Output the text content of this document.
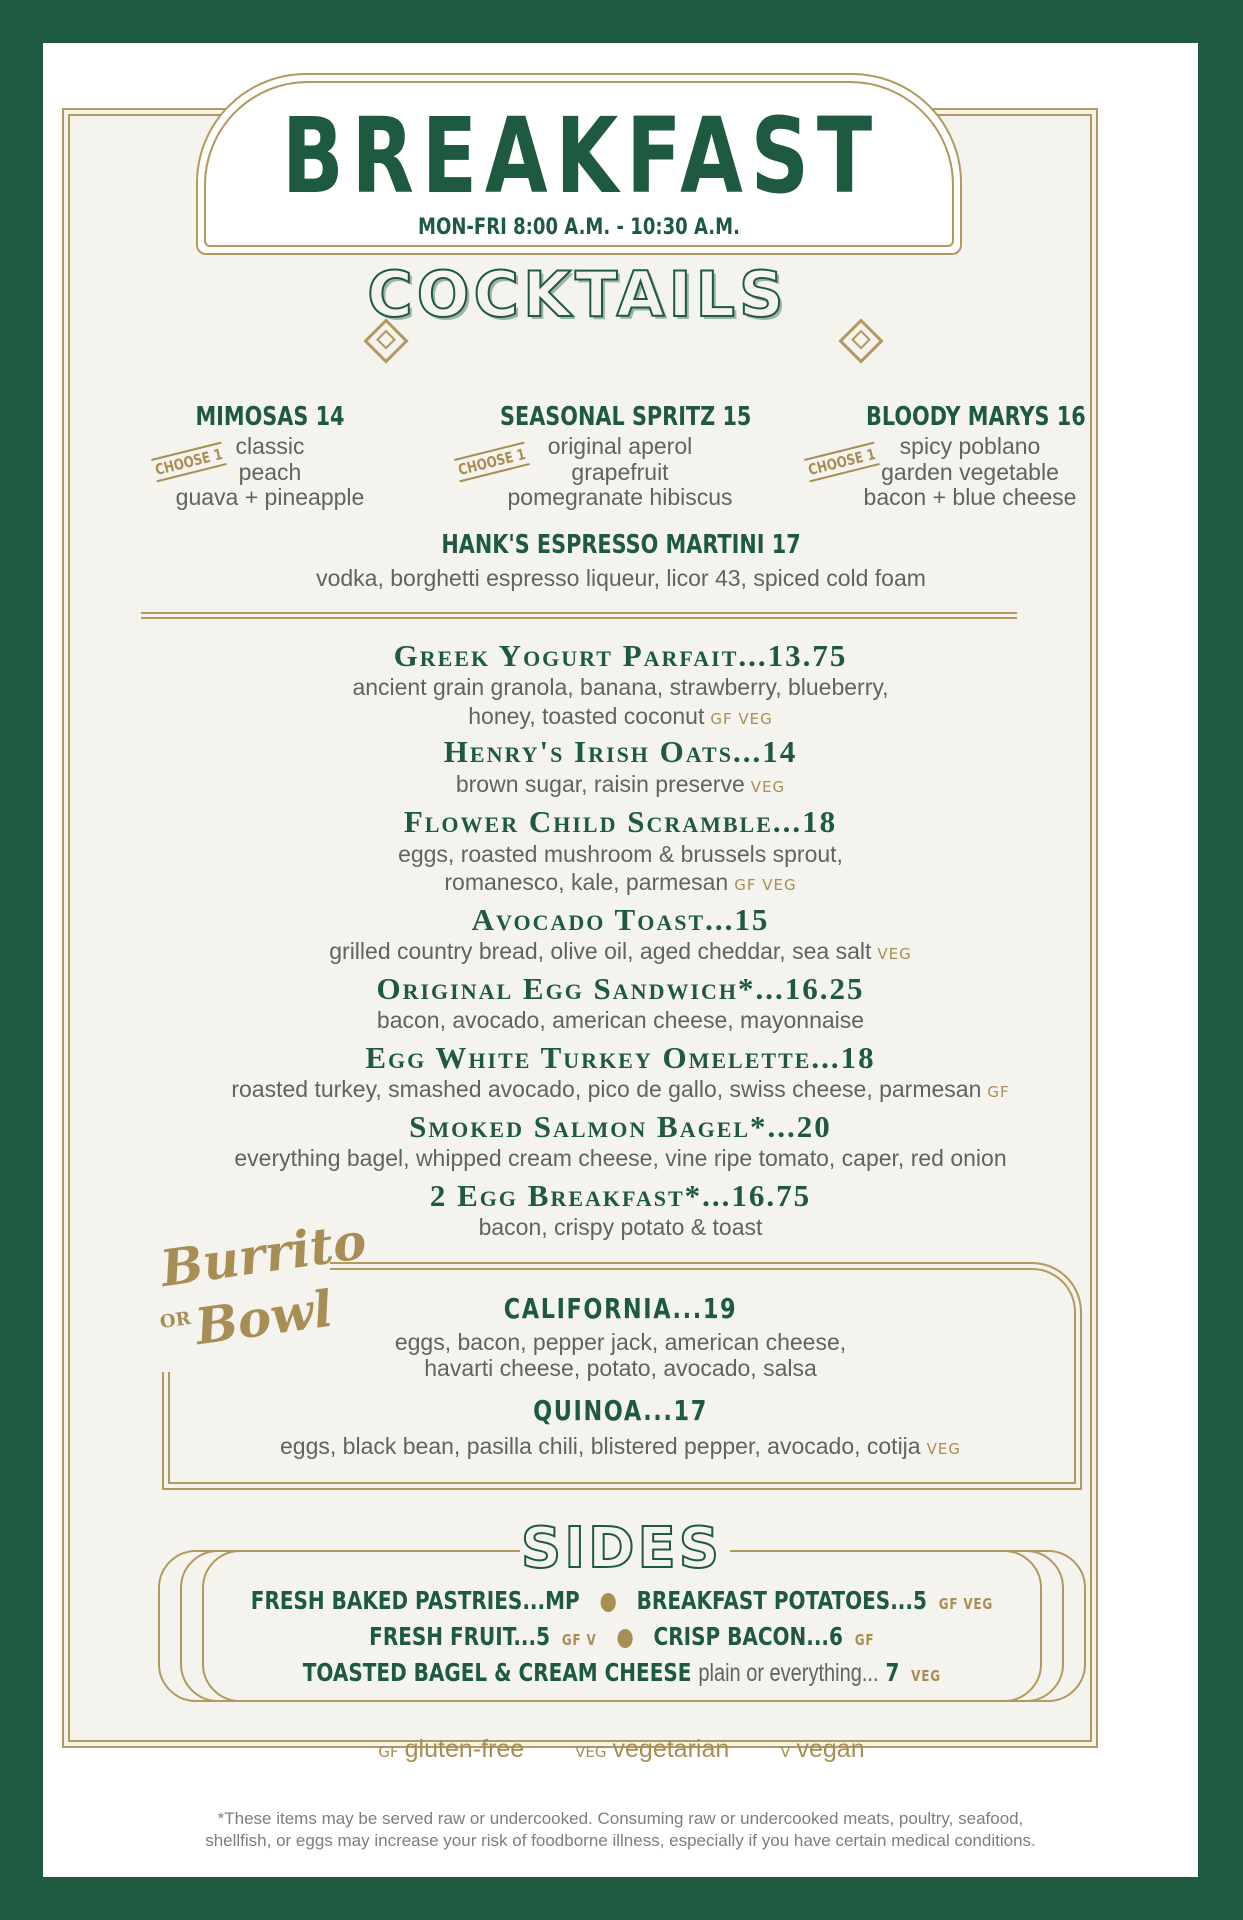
BREAKFAST
MON-FRI 8:00 A.M. - 10:30 A.M.
COCKTAILS
MIMOSAS 14
CHOOSE 1 classic
peach
guava + pineapple
SEASONAL SPRITZ 15
CHOOSE 1 original aperol
grapefruit
pomegranate hibiscus
BLOODY MARYS 16
CHOOSE 1 spicy poblano
garden vegetable
bacon + blue cheese
HANK'S ESPRESSO MARTINI 17
vodka, borghetti espresso liqueur, licor 43, spiced cold foam
Greek Yogurt Parfait...13.75
ancient grain granola, banana, strawberry, blueberry,
honey, toasted coconut GF VEG
Henry's Irish Oats...14
brown sugar, raisin preserve VEG
Flower Child Scramble...18
eggs, roasted mushroom & brussels sprout,
romanesco, kale, parmesan GF VEG
Avocado Toast...15
grilled country bread, olive oil, aged cheddar, sea salt VEG
Original Egg Sandwich*...16.25
bacon, avocado, american cheese, mayonnaise
Egg White Turkey Omelette...18
roasted turkey, smashed avocado, pico de gallo, swiss cheese, parmesan GF
Smoked Salmon Bagel*...20
everything bagel, whipped cream cheese, vine ripe tomato, caper, red onion
2 Egg Breakfast*...16.75
bacon, crispy potato & toast
Burrito
OR Bowl	CALIFORNIA...19
eggs, bacon, pepper jack, american cheese,
havarti cheese, potato, avocado, salsa
QUINOA...17
eggs, black bean, pasilla chili, blistered pepper, avocado, cotija VEG
SIDES
FRESH BAKED PASTRIES...MP ● BREAKFAST POTATOES...5 GF VEG
FRESH FRUIT...5 GF V ● CRISP BACON...6 GF
TOASTED BAGEL & CREAM CHEESE plain or everything... 7 VEG
GF gluten-free	VEG vegetarian	V vegan
*These items may be served raw or undercooked. Consuming raw or undercooked meats, poultry, seafood,
shellfish, or eggs may increase your risk of foodborne illness, especially if you have certain medical conditions.
